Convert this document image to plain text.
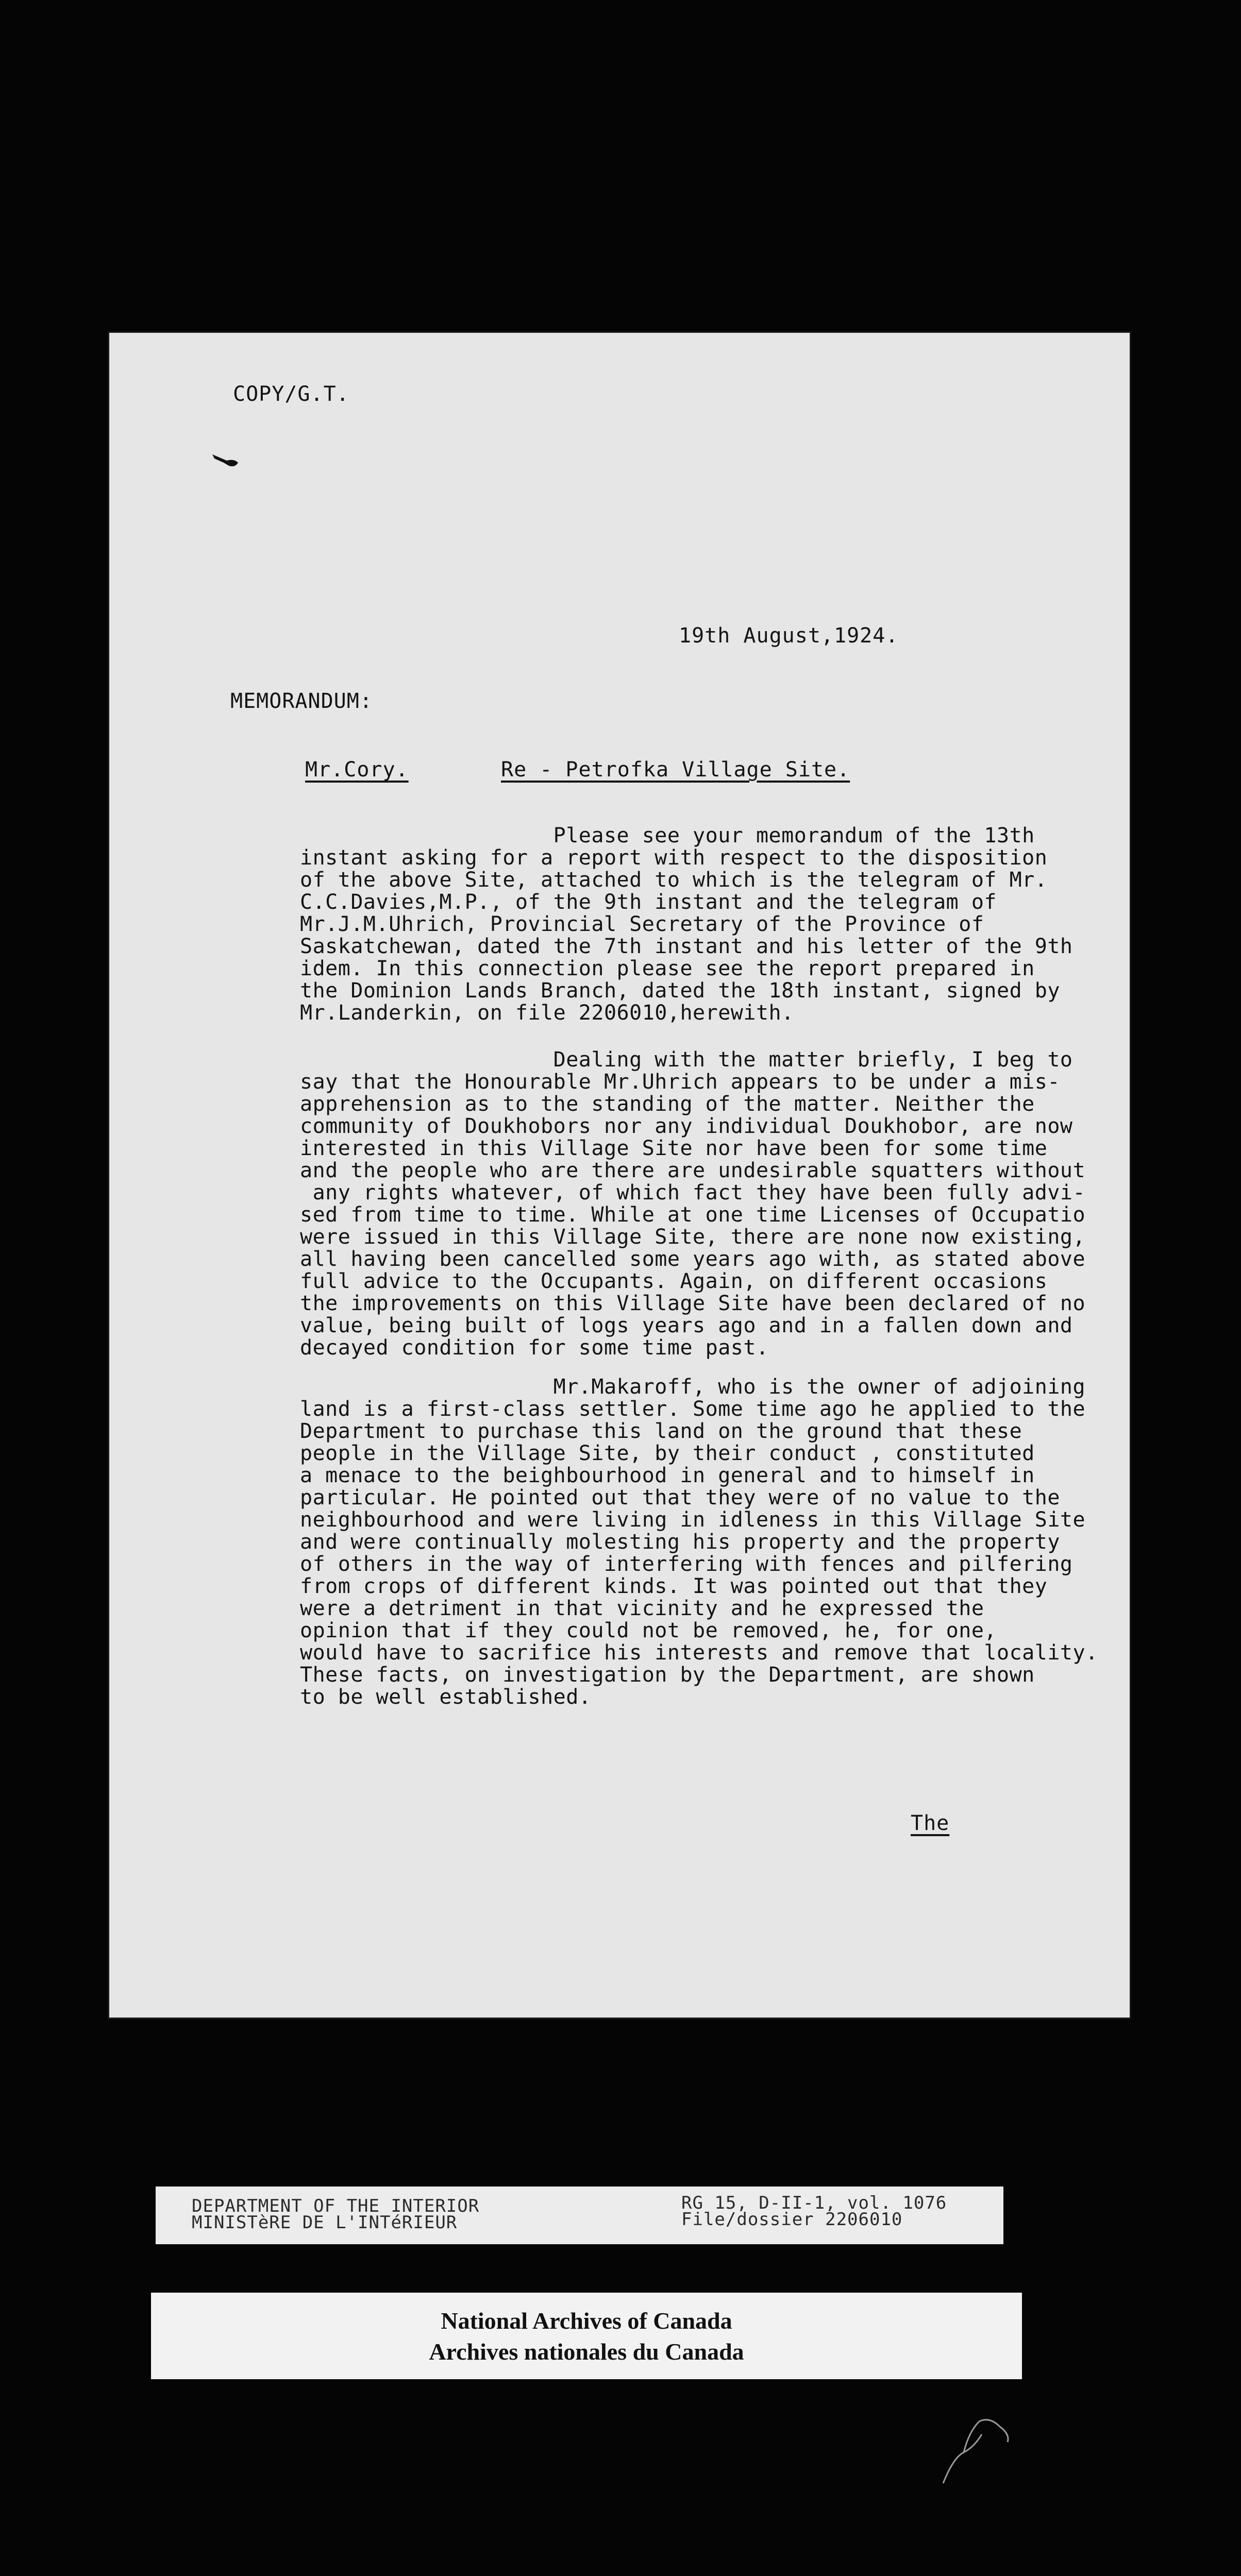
COPY/G.T.
19th August,1924.
MEMORANDUM:
Mr.Cory.	Re - Petrofka Village Site.
Please see your memorandum of the 13th
instant asking for a report with respect to the disposition
of the above Site, attached to which is the telegram of Mr.
C.C.Davies,M.P., of the 9th instant and the telegram of
Mr.J.M.Uhrich, Provincial Secretary of the Province of
Saskatchewan, dated the 7th instant and his letter of the 9th
idem. In this connection please see the report prepared in
the Dominion Lands Branch, dated the 18th instant, signed by
Mr.Landerkin, on file 2206010,herewith.
Dealing with the matter briefly, I beg to
say that the Honourable Mr.Uhrich appears to be under a mis-
apprehension as to the standing of the matter. Neither the
community of Doukhobors nor any individual Doukhobor, are now
interested in this Village Site nor have been for some time
and the people who are there are undesirable squatters without
any rights whatever, of which fact they have been fully advi-
sed from time to time. While at one time Licenses of Occupatio
were issued in this Village Site, there are none now existing,
all having been cancelled some years ago with, as stated above
full advice to the Occupants. Again, on different occasions
the improvements on this Village Site have been declared of no
value, being built of logs years ago and in a fallen down and
decayed condition for some time past.
Mr.Makaroff, who is the owner of adjoining
land is a first-class settler. Some time ago he applied to the
Department to purchase this land on the ground that these
people in the Village Site, by their conduct , constituted
a menace to the beighbourhood in general and to himself in
particular. He pointed out that they were of no value to the
neighbourhood and were living in idleness in this Village Site
and were continually molesting his property and the property
of others in the way of interfering with fences and pilfering
from crops of different kinds. It was pointed out that they
were a detriment in that vicinity and he expressed the
opinion that if they could not be removed, he, for one,
would have to sacrifice his interests and remove that locality.
These facts, on investigation by the Department, are shown
to be well established.
The
DEPARTMENT OF THE INTERIOR
MINISTèRE DE L'INTéRIEUR
RG 15, D-II-1, vol. 1076
File/dossier 2206010
National Archives of Canada
Archives nationales du Canada
